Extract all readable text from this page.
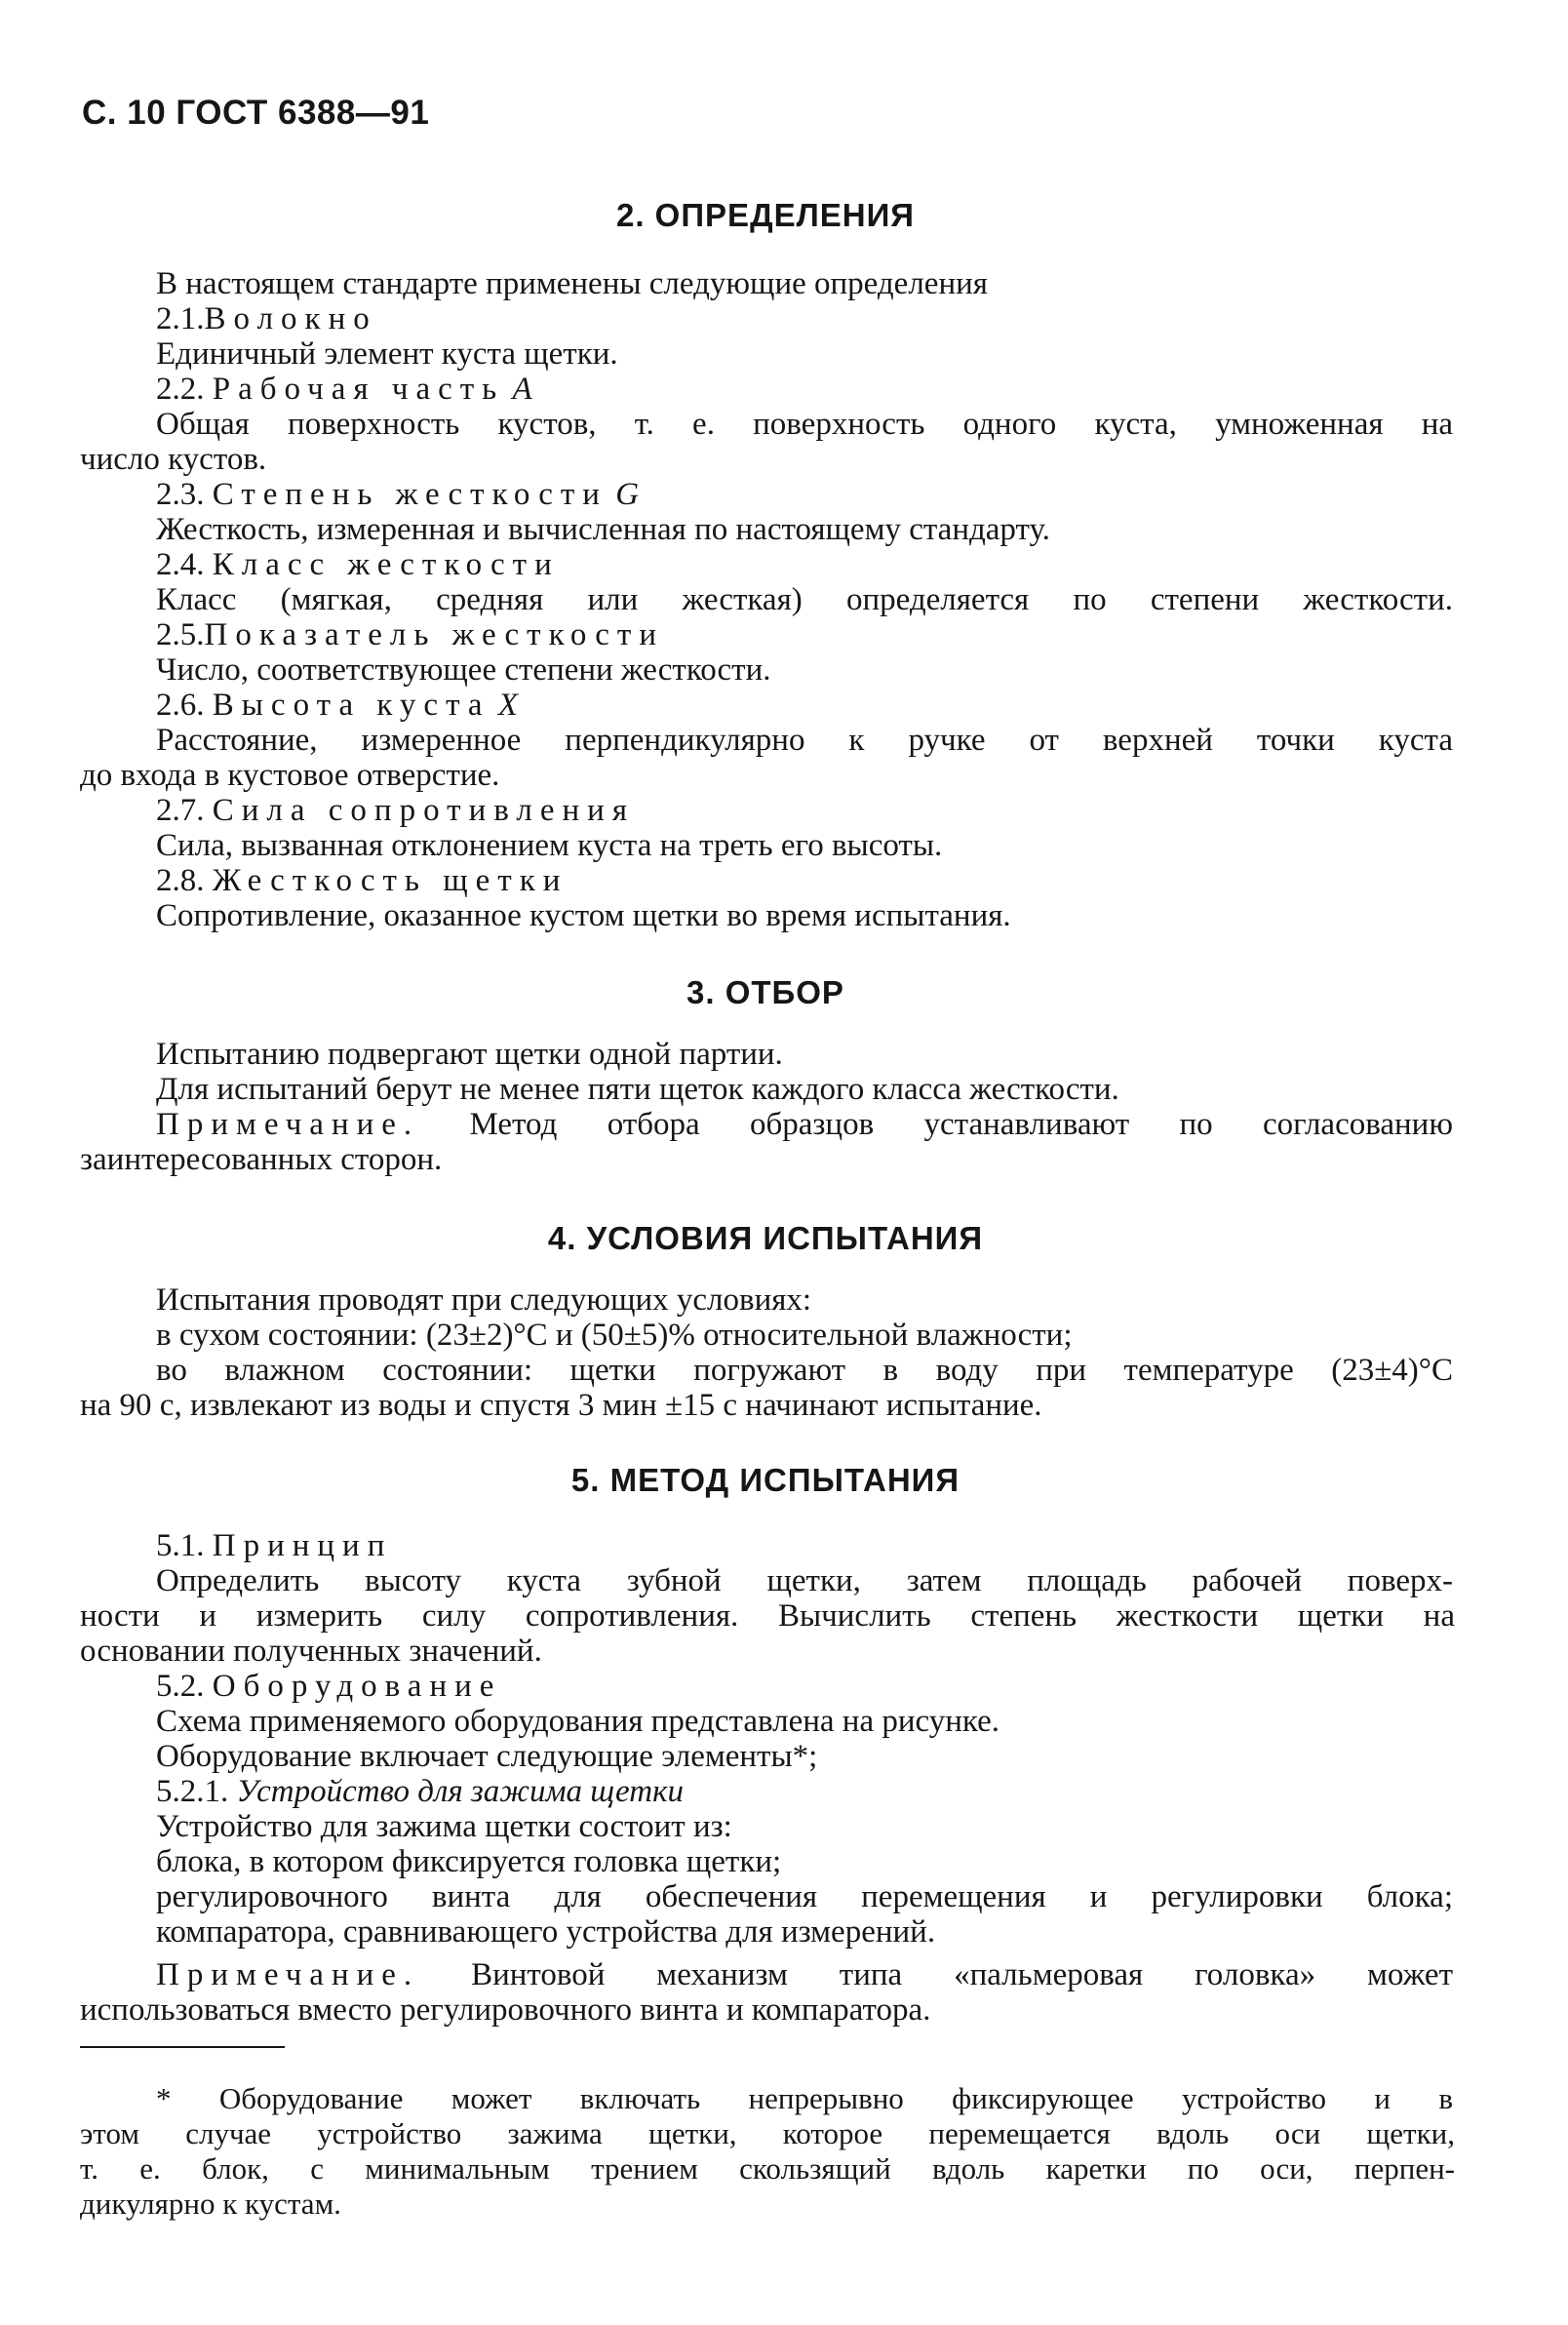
С. 10 ГОСТ 6388—91
2. ОПРЕДЕЛЕНИЯ
В настоящем стандарте применены следующие определения
2.1.Волокно
Единичный элемент куста щетки.
2.2. Рабочая часть A
Общая поверхность кустов, т. е. поверхность одного куста, умноженная на
число кустов.
2.3. Степень жесткости G
Жесткость, измеренная и вычисленная по настоящему стандарту.
2.4. Класс жесткости
Класс (мягкая, средняя или жесткая) определяется по степени жесткости.
2.5.Показатель жесткости
Число, соответствующее степени жесткости.
2.6. Высота куста X
Расстояние, измеренное перпендикулярно к ручке от верхней точки куста
до входа в кустовое отверстие.
2.7. Сила сопротивления
Сила, вызванная отклонением куста на треть его высоты.
2.8. Жесткость щетки
Сопротивление, оказанное кустом щетки во время испытания.
3. ОТБОР
Испытанию подвергают щетки одной партии.
Для испытаний берут не менее пяти щеток каждого класса жесткости.
Примечание. Метод отбора образцов устанавливают по согласованию
заинтересованных сторон.
4. УСЛОВИЯ ИСПЫТАНИЯ
Испытания проводят при следующих условиях:
в сухом состоянии: (23±2)°С и (50±5)% относительной влажности;
во влажном состоянии: щетки погружают в воду при температуре (23±4)°С
на 90 с, извлекают из воды и спустя 3 мин ±15 с начинают испытание.
5. МЕТОД ИСПЫТАНИЯ
5.1. Принцип
Определить высоту куста зубной щетки, затем площадь рабочей поверх-
ности и измерить силу сопротивления. Вычислить степень жесткости щетки на
основании полученных значений.
5.2. Оборудование
Схема применяемого оборудования представлена на рисунке.
Оборудование включает следующие элементы*;
5.2.1. Устройство для зажима щетки
Устройство для зажима щетки состоит из:
блока, в котором фиксируется головка щетки;
регулировочного винта для обеспечения перемещения и регулировки блока;
компаратора, сравнивающего устройства для измерений.
Примечание. Винтовой механизм типа «пальмеровая головка» может
использоваться вместо регулировочного винта и компаратора.
* Оборудование может включать непрерывно фиксирующее устройство и в
этом случае устройство зажима щетки, которое перемещается вдоль оси щетки,
т. е. блок, с минимальным трением скользящий вдоль каретки по оси, перпен-
дикулярно к кустам.
